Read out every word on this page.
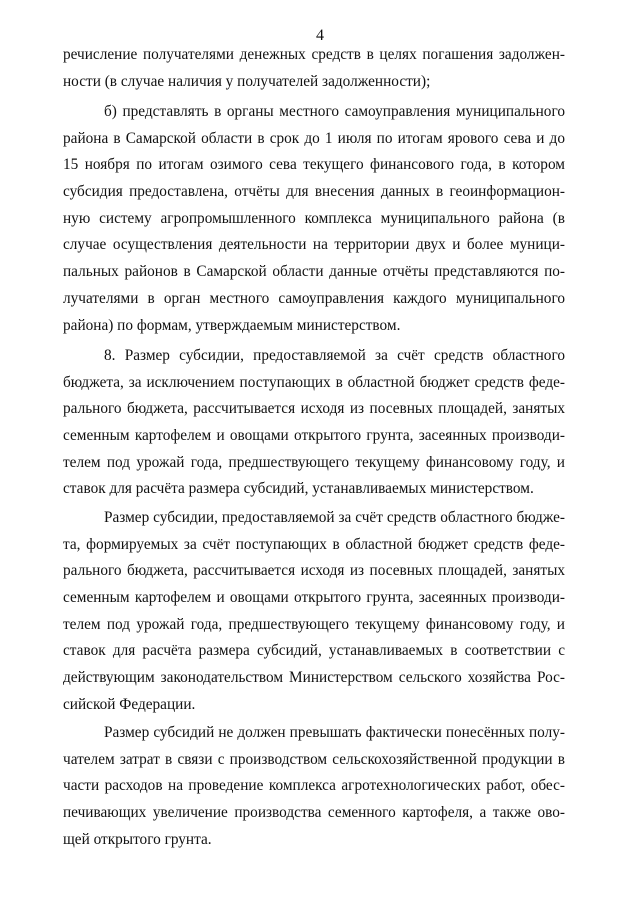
4
речисление получателями денежных средств в целях погашения задолжен-
ности (в случае наличия у получателей задолженности);
б) представлять в органы местного самоуправления муниципального
района в Самарской области в срок до 1 июля по итогам ярового сева и до
15 ноября по итогам озимого сева текущего финансового года, в котором
субсидия предоставлена, отчёты для внесения данных в геоинформацион-
ную систему агропромышленного комплекса муниципального района (в
случае осуществления деятельности на территории двух и более муници-
пальных районов в Самарской области данные отчёты представляются по-
лучателями в орган местного самоуправления каждого муниципального
района) по формам, утверждаемым министерством.
8. Размер субсидии, предоставляемой за счёт средств областного
бюджета, за исключением поступающих в областной бюджет средств феде-
рального бюджета, рассчитывается исходя из посевных площадей, занятых
семенным картофелем и овощами открытого грунта, засеянных производи-
телем под урожай года, предшествующего текущему финансовому году, и
ставок для расчёта размера субсидий, устанавливаемых министерством.
Размер субсидии, предоставляемой за счёт средств областного бюдже-
та, формируемых за счёт поступающих в областной бюджет средств феде-
рального бюджета, рассчитывается исходя из посевных площадей, занятых
семенным картофелем и овощами открытого грунта, засеянных производи-
телем под урожай года, предшествующего текущему финансовому году, и
ставок для расчёта размера субсидий, устанавливаемых в соответствии с
действующим законодательством Министерством сельского хозяйства Рос-
сийской Федерации.
Размер субсидий не должен превышать фактически понесённых полу-
чателем затрат в связи с производством сельскохозяйственной продукции в
части расходов на проведение комплекса агротехнологических работ, обес-
печивающих увеличение производства семенного картофеля, а также ово-
щей открытого грунта.
